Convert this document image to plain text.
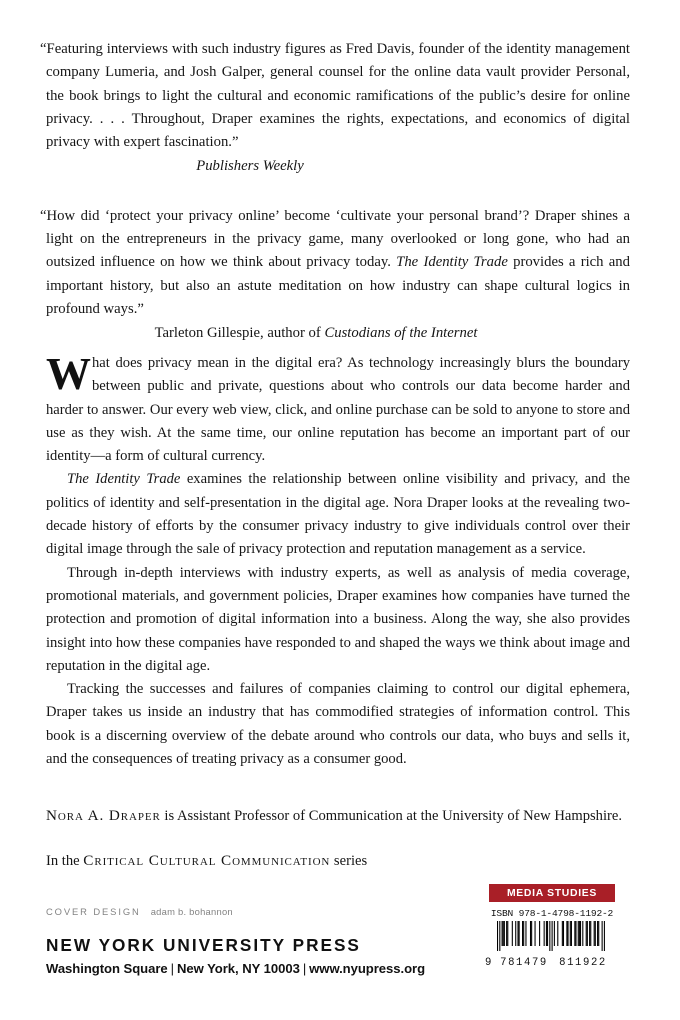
“Featuring interviews with such industry figures as Fred Davis, founder of the identity management company Lumeria, and Josh Galper, general counsel for the online data vault provider Personal, the book brings to light the cultural and economic ramifications of the public’s desire for online privacy. . . . Throughout, Draper examines the rights, expectations, and economics of digital privacy with expert fascination.”

Publishers Weekly

“How did ‘protect your privacy online’ become ‘cultivate your personal brand’? Draper shines a light on the entrepreneurs in the privacy game, many overlooked or long gone, who had an outsized influence on how we think about privacy today. The Identity Trade provides a rich and important history, but also an astute meditation on how industry can shape cultural logics in profound ways.”

Tarleton Gillespie, author of Custodians of the Internet

What does privacy mean in the digital era? As technology increasingly blurs the boundary between public and private, questions about who controls our data become harder and harder to answer. Our every web view, click, and online purchase can be sold to anyone to store and use as they wish. At the same time, our online reputation has become an important part of our identity—a form of cultural currency.

The Identity Trade examines the relationship between online visibility and privacy, and the politics of identity and self-presentation in the digital age. Nora Draper looks at the revealing two-decade history of efforts by the consumer privacy industry to give individuals control over their digital image through the sale of privacy protection and reputation management as a service.

Through in-depth interviews with industry experts, as well as analysis of media coverage, promotional materials, and government policies, Draper examines how companies have turned the protection and promotion of digital information into a business. Along the way, she also provides insight into how these companies have responded to and shaped the ways we think about image and reputation in the digital age.

Tracking the successes and failures of companies claiming to control our digital ephemera, Draper takes us inside an industry that has commodified strategies of information control. This book is a discerning overview of the debate around who controls our data, who buys and sells it, and the consequences of treating privacy as a consumer good.

Nora A. Draper is Assistant Professor of Communication at the University of New Hampshire.

In the Critical Cultural Communication series

COVER DESIGN adam b. bohannon

NEW YORK UNIVERSITY PRESS

Washington Square | New York, NY 10003 | www.nyupress.org

MEDIA STUDIES

ISBN 978-1-4798-1192-2

9 781479	811922
